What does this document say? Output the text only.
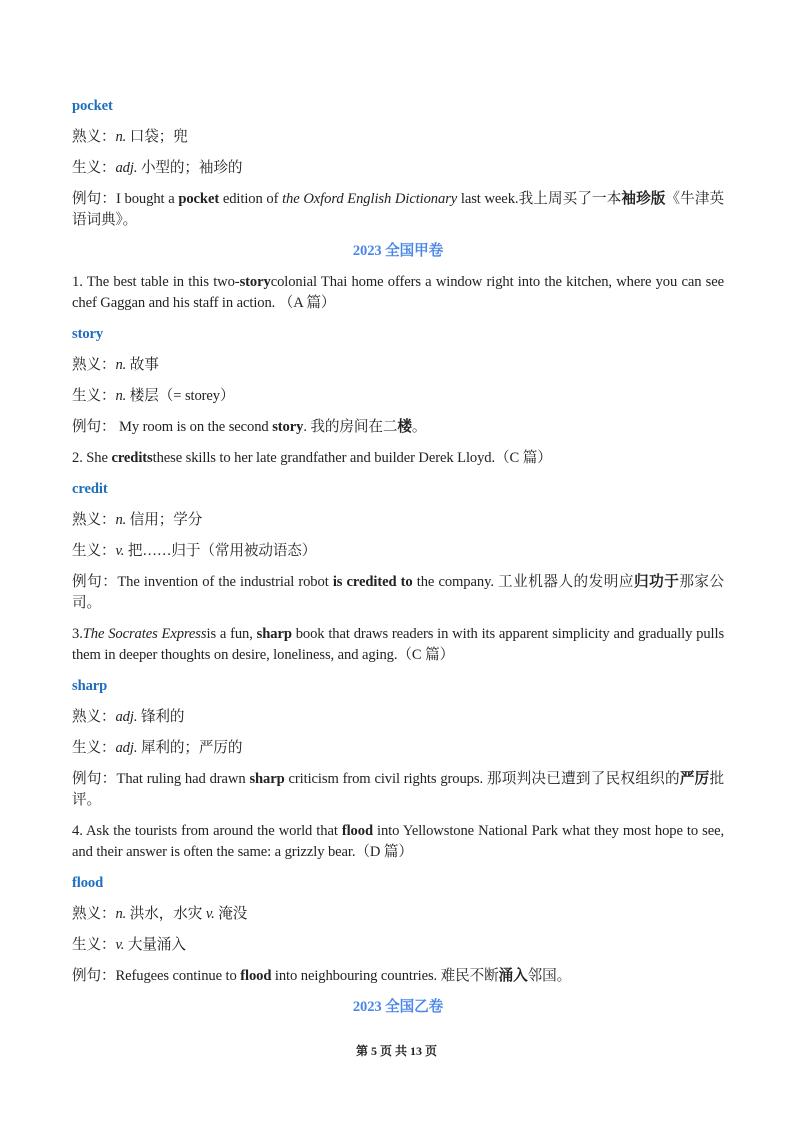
pocket
熟义：n. 口袋；兜
生义：adj. 小型的；袖珍的
例句：I bought a pocket edition of the Oxford English Dictionary last week.我上周买了一本袖珍版《牛津英语词典》。
2023 全国甲卷
1. The best table in this two-storycolonial Thai home offers a window right into the kitchen, where you can see chef Gaggan and his staff in action. （A 篇）
story
熟义：n. 故事
生义：n. 楼层（= storey）
例句： My room is on the second story. 我的房间在二楼。
2. She creditsthese skills to her late grandfather and builder Derek Lloyd.（C 篇）
credit
熟义：n. 信用；学分
生义：v. 把……归于（常用被动语态）
例句：The invention of the industrial robot is credited to the company. 工业机器人的发明应归功于那家公司。
3.The Socrates Expressis a fun, sharp book that draws readers in with its apparent simplicity and gradually pulls them in deeper thoughts on desire, loneliness, and aging.（C 篇）
sharp
熟义：adj. 锋利的
生义：adj. 犀利的；严厉的
例句：That ruling had drawn sharp criticism from civil rights groups. 那项判决已遭到了民权组织的严厉批评。
4. Ask the tourists from around the world that flood into Yellowstone National Park what they most hope to see, and their answer is often the same: a grizzly bear.（D 篇）
flood
熟义：n. 洪水，水灾 v. 淹没
生义：v. 大量涌入
例句：Refugees continue to flood into neighbouring countries. 难民不断涌入邻国。
2023 全国乙卷
第 5 页 共 13 页
